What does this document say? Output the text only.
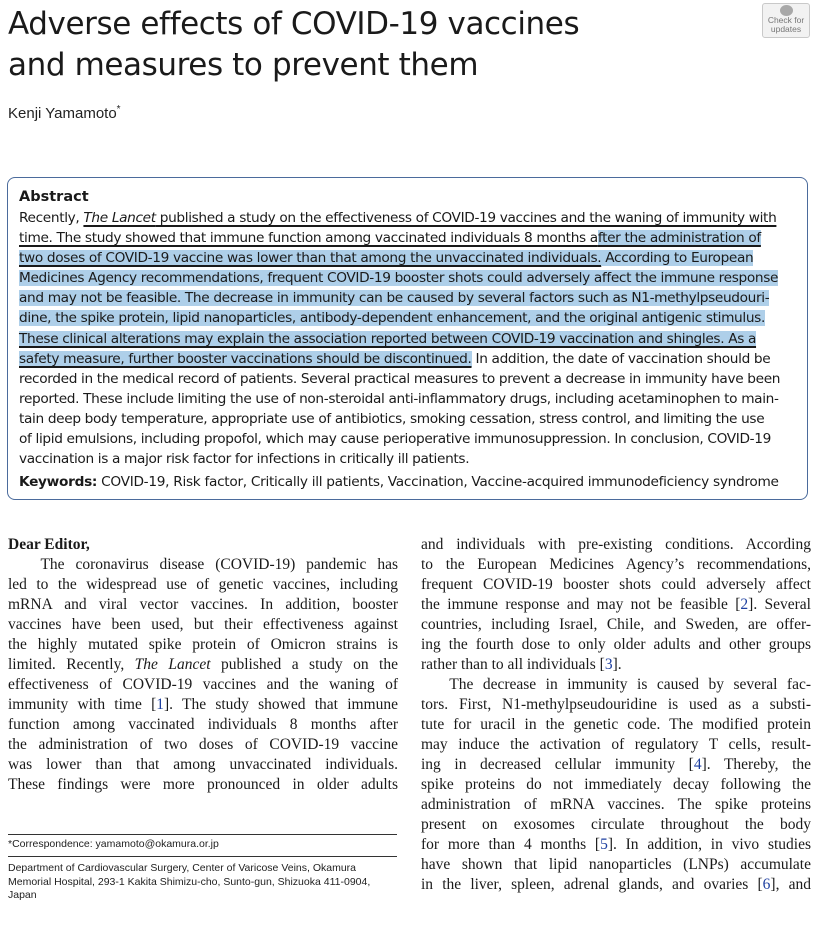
Adverse effects of COVID-19 vaccines
and measures to prevent them
Kenji Yamamoto*
Check for
updates
Abstract
Recently, The Lancet published a study on the effectiveness of COVID-19 vaccines and the waning of immunity with
time. The study showed that immune function among vaccinated individuals 8 months after the administration of
two doses of COVID-19 vaccine was lower than that among the unvaccinated individuals. According to European
Medicines Agency recommendations, frequent COVID-19 booster shots could adversely affect the immune response
and may not be feasible. The decrease in immunity can be caused by several factors such as N1-methylpseudouri-
dine, the spike protein, lipid nanoparticles, antibody-dependent enhancement, and the original antigenic stimulus.
These clinical alterations may explain the association reported between COVID-19 vaccination and shingles. As a
safety measure, further booster vaccinations should be discontinued. In addition, the date of vaccination should be
recorded in the medical record of patients. Several practical measures to prevent a decrease in immunity have been
reported. These include limiting the use of non-steroidal anti-inflammatory drugs, including acetaminophen to main-
tain deep body temperature, appropriate use of antibiotics, smoking cessation, stress control, and limiting the use
of lipid emulsions, including propofol, which may cause perioperative immunosuppression. In conclusion, COVID-19
vaccination is a major risk factor for infections in critically ill patients.
Keywords: COVID-19, Risk factor, Critically ill patients, Vaccination, Vaccine-acquired immunodeficiency syndrome
Dear Editor,
The coronavirus disease (COVID-19) pandemic has
led to the widespread use of genetic vaccines, including
mRNA and viral vector vaccines. In addition, booster
vaccines have been used, but their effectiveness against
the highly mutated spike protein of Omicron strains is
limited. Recently, The Lancet published a study on the
effectiveness of COVID-19 vaccines and the waning of
immunity with time [1]. The study showed that immune
function among vaccinated individuals 8 months after
the administration of two doses of COVID-19 vaccine
was lower than that among unvaccinated individuals.
These findings were more pronounced in older adults
and individuals with pre-existing conditions. According
to the European Medicines Agency’s recommendations,
frequent COVID-19 booster shots could adversely affect
the immune response and may not be feasible [2]. Several
countries, including Israel, Chile, and Sweden, are offer-
ing the fourth dose to only older adults and other groups
rather than to all individuals [3].
The decrease in immunity is caused by several fac-
tors. First, N1-methylpseudouridine is used as a substi-
tute for uracil in the genetic code. The modified protein
may induce the activation of regulatory T cells, result-
ing in decreased cellular immunity [4]. Thereby, the
spike proteins do not immediately decay following the
administration of mRNA vaccines. The spike proteins
present on exosomes circulate throughout the body
for more than 4 months [5]. In addition, in vivo studies
have shown that lipid nanoparticles (LNPs) accumulate
in the liver, spleen, adrenal glands, and ovaries [6], and
*Correspondence: yamamoto@okamura.or.jp
Department of Cardiovascular Surgery, Center of Varicose Veins, Okamura
Memorial Hospital, 293-1 Kakita Shimizu-cho, Sunto-gun, Shizuoka 411-0904,
Japan
